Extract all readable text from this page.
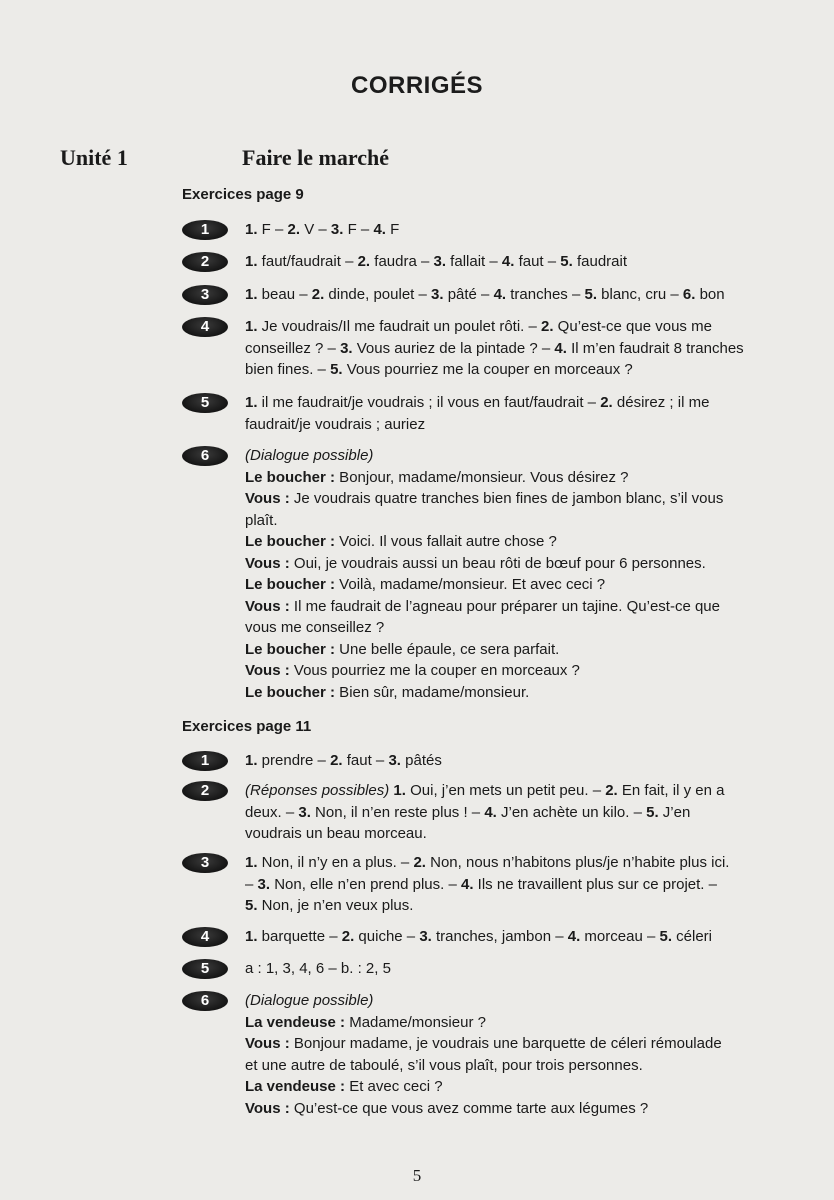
CORRIGÉS
Unité 1	Faire le marché
Exercices page 9
1	1. F – 2. V – 3. F – 4. F
2	1. faut/faudrait – 2. faudra – 3. fallait – 4. faut – 5. faudrait
3	1. beau – 2. dinde, poulet – 3. pâté – 4. tranches – 5. blanc, cru – 6. bon
4	1. Je voudrais/Il me faudrait un poulet rôti. – 2. Qu’est-ce que vous me
conseillez ? – 3. Vous auriez de la pintade ? – 4. Il m’en faudrait 8 tranches
bien fines. – 5. Vous pourriez me la couper en morceaux ?
5	1. il me faudrait/je voudrais ; il vous en faut/faudrait – 2. désirez ; il me
faudrait/je voudrais ; auriez
6	(Dialogue possible)
Le boucher : Bonjour, madame/monsieur. Vous désirez ?
Vous : Je voudrais quatre tranches bien fines de jambon blanc, s’il vous
plaît.
Le boucher : Voici. Il vous fallait autre chose ?
Vous : Oui, je voudrais aussi un beau rôti de bœuf pour 6 personnes.
Le boucher : Voilà, madame/monsieur. Et avec ceci ?
Vous : Il me faudrait de l’agneau pour préparer un tajine. Qu’est-ce que
vous me conseillez ?
Le boucher : Une belle épaule, ce sera parfait.
Vous : Vous pourriez me la couper en morceaux ?
Le boucher : Bien sûr, madame/monsieur.
Exercices page 11
1	1. prendre – 2. faut – 3. pâtés
2	(Réponses possibles) 1. Oui, j’en mets un petit peu. – 2. En fait, il y en a
deux. – 3. Non, il n’en reste plus ! – 4. J’en achète un kilo. – 5. J’en
voudrais un beau morceau.
3	1. Non, il n’y en a plus. – 2. Non, nous n’habitons plus/je n’habite plus ici.
– 3. Non, elle n’en prend plus. – 4. Ils ne travaillent plus sur ce projet. –
5. Non, je n’en veux plus.
4	1. barquette – 2. quiche – 3. tranches, jambon – 4. morceau – 5. céleri
5	a : 1, 3, 4, 6 – b. : 2, 5
6	(Dialogue possible)
La vendeuse : Madame/monsieur ?
Vous : Bonjour madame, je voudrais une barquette de céleri rémoulade
et une autre de taboulé, s’il vous plaît, pour trois personnes.
La vendeuse : Et avec ceci ?
Vous : Qu’est-ce que vous avez comme tarte aux légumes ?
5
